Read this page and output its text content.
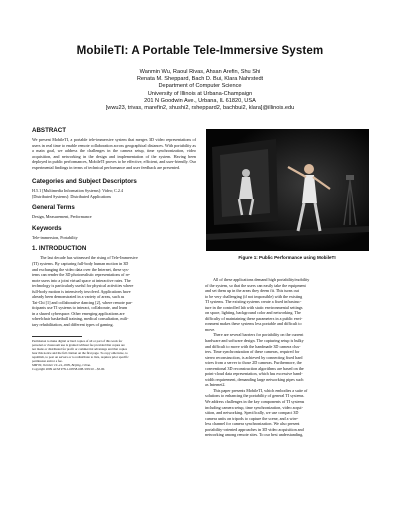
MobileTI: A Portable Tele-Immersive System
Wanmin Wu, Raoul Rivas, Ahsan Arefin, Shu Shi
Renata M. Sheppard, Bach D. Bui, Klara Nahrstedt
Department of Computer Science
University of Illinois at Urbana-Champaign
201 N Goodwin Ave., Urbana, IL 61820, USA
[wwu23, trivas, marefin2, shushi2, rsheppard2, bachbui2, klara]@illinois.edu
ABSTRACT
We present MobileTI, a portable tele-immersive system that merges 3D video representations of users in real time to enable remote collaboration across geographical distances. With portability as a main goal, we address the challenges in the camera setup, time synchronization, video acquisition, and networking in the design and implementation of the system. Having been deployed in public performances, MobileTI proves to be effective, efficient, and user-friendly. Our experimental findings in terms of technical performance and user feedback are presented.
Categories and Subject Descriptors
H.5.1 [Multimedia Information Systems]: Video; C.2.4
[Distributed Systems]: Distributed Applications
General Terms
Design, Measurement, Performance
Keywords
Tele-immersion, Portability
1. INTRODUCTION
The last decade has witnessed the rising of Tele-Immersive
(TI) systems. By capturing full-body human motion in 3D
and exchanging the video data over the Internet, these sys-
tems can render the 3D photorealistic representations of re-
mote users into a joint virtual space at interactive rates. The
technology is particularly useful for physical activities where
full-body motion is intensively involved. Applications have
already been demonstrated in a variety of areas, such as
Tai-Chi [1] and collaborative dancing [2], where remote par-
ticipants use TI systems to interact, collaborate, and learn
in a shared cyberspace. Other emerging applications are
wheelchair basketball training, medical consultation, mili-
tary rehabilitation, and different types of gaming.
Permission to make digital or hard copies of all or part of this work for
personal or classroom use is granted without fee provided that copies are
not made or distributed for profit or commercial advantage and that copies
bear this notice and the full citation on the first page. To copy otherwise, to
republish, to post on servers or to redistribute to lists, requires prior specific
permission and/or a fee.
MM'09, October 19–24, 2009, Beijing, China.
Copyright 2009 ACM 978-1-60558-608-3/09/10 ...$5.00.
Figure 1: Public Performance using MobileTI
All of these applications demand high portability/mobility
of the system, so that the users can easily take the equipment
and set them up in the areas they deem fit. This turns out
to be very challenging (if not impossible) with the existing
TI systems. The existing systems create a fixed infrastruc-
ture in the controlled lab with static environmental settings
on space, lighting, background color and networking. The
difficulty of maintaining these parameters in a public envi-
ronment makes these systems less portable and difficult to
move.
There are several barriers for portability on the current
hardware and software design. The capturing setup is bulky
and difficult to move with the handmade 3D camera clus-
ters. Time synchronization of these cameras, required for
stereo reconstruction, is achieved by connecting fixed hard
wires from a server to those 2D cameras. Furthermore, the
conventional 3D reconstruction algorithms are based on the
point-cloud data representation, which has excessive band-
width requirement, demanding large networking pipes such
as Internet2.
This paper presents MobileTI, which embodies a suite of
solutions to enhancing the portability of general TI systems.
We address challenges in the key components of TI systems
including camera setup, time synchronization, video acqui-
sition, and networking. Specifically, we use compact 3D
camera units on tripods to capture the scene, and a wire-
less channel for camera synchronization. We also present
portability-oriented approaches in 3D video acquisition and
networking among remote sites. To our best understanding,
